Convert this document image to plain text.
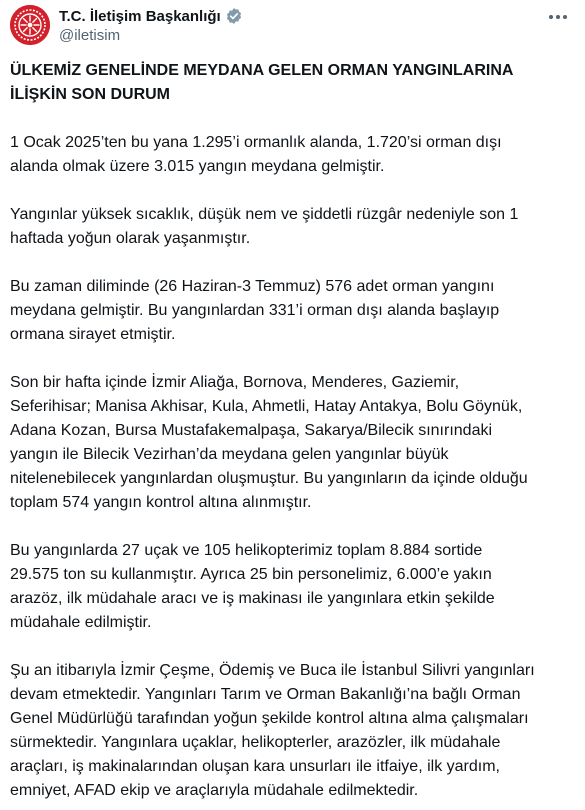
T.C. İletişim Başkanlığı
@iletisim
ÜLKEMİZ GENELİNDE MEYDANA GELEN ORMAN YANGINLARINA
İLİŞKİN SON DURUM

1 Ocak 2025’ten bu yana 1.295’i ormanlık alanda, 1.720’si orman dışı
alanda olmak üzere 3.015 yangın meydana gelmiştir.

Yangınlar yüksek sıcaklık, düşük nem ve şiddetli rüzgâr nedeniyle son 1
haftada yoğun olarak yaşanmıştır.

Bu zaman diliminde (26 Haziran-3 Temmuz) 576 adet orman yangını
meydana gelmiştir. Bu yangınlardan 331’i orman dışı alanda başlayıp
ormana sirayet etmiştir.

Son bir hafta içinde İzmir Aliağa, Bornova, Menderes, Gaziemir,
Seferihisar; Manisa Akhisar, Kula, Ahmetli, Hatay Antakya, Bolu Göynük,
Adana Kozan, Bursa Mustafakemalpaşa, Sakarya/Bilecik sınırındaki
yangın ile Bilecik Vezirhan’da meydana gelen yangınlar büyük
nitelenebilecek yangınlardan oluşmuştur. Bu yangınların da içinde olduğu
toplam 574 yangın kontrol altına alınmıştır.

Bu yangınlarda 27 uçak ve 105 helikopterimiz toplam 8.884 sortide
29.575 ton su kullanmıştır. Ayrıca 25 bin personelimiz, 6.000’e yakın
arazöz, ilk müdahale aracı ve iş makinası ile yangınlara etkin şekilde
müdahale edilmiştir.

Şu an itibarıyla İzmir Çeşme, Ödemiş ve Buca ile İstanbul Silivri yangınları
devam etmektedir. Yangınları Tarım ve Orman Bakanlığı’na bağlı Orman
Genel Müdürlüğü tarafından yoğun şekilde kontrol altına alma çalışmaları
sürmektedir. Yangınlara uçaklar, helikopterler, arazözler, ilk müdahale
araçları, iş makinalarından oluşan kara unsurları ile itfaiye, ilk yardım,
emniyet, AFAD ekip ve araçlarıyla müdahale edilmektedir.
